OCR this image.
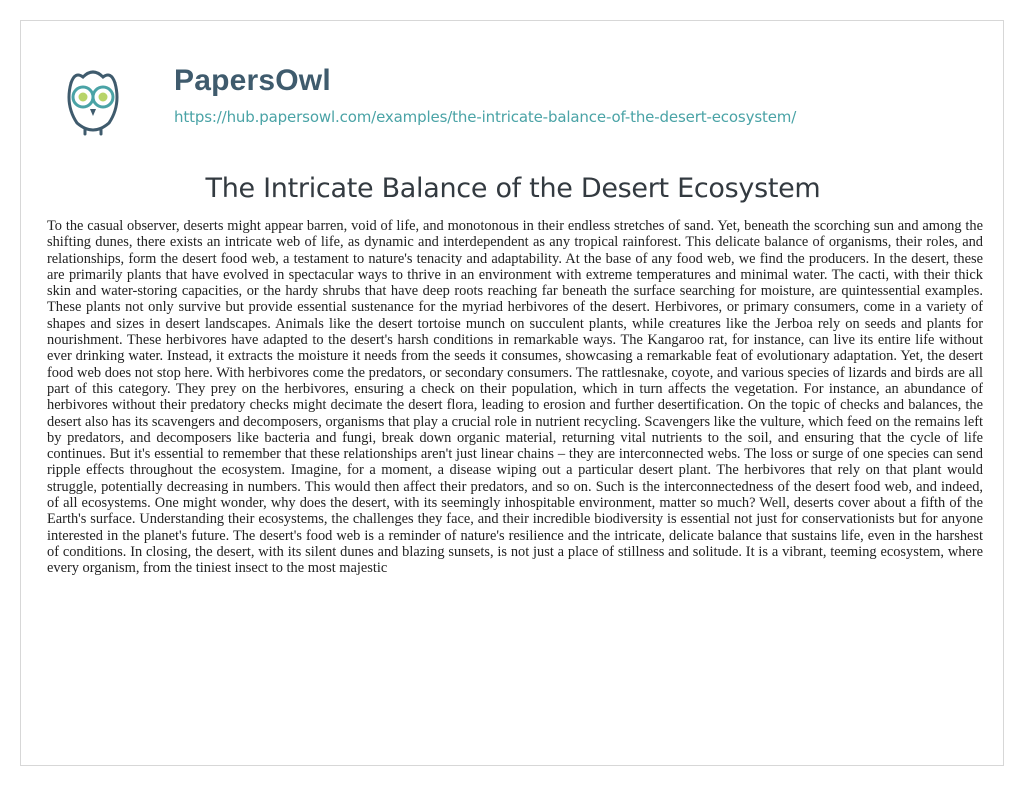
PapersOwl
https://hub.papersowl.com/examples/the-intricate-balance-of-the-desert-ecosystem/
The Intricate Balance of the Desert Ecosystem

To the casual observer, deserts might appear barren, void of life, and monotonous in their endless stretches of sand. Yet, beneath the scorching sun and among the shifting dunes, there exists an intricate web of life, as dynamic and interdependent as any tropical rainforest. This delicate balance of organisms, their roles, and relationships, form the desert food web, a testament to nature's tenacity and adaptability. At the base of any food web, we find the producers. In the desert, these are primarily plants that have evolved in spectacular ways to thrive in an environment with extreme temperatures and minimal water. The cacti, with their thick skin and water-storing capacities, or the hardy shrubs that have deep roots reaching far beneath the surface searching for moisture, are quintessential examples. These plants not only survive but provide essential sustenance for the myriad herbivores of the desert. Herbivores, or primary consumers, come in a variety of shapes and sizes in desert landscapes. Animals like the desert tortoise munch on succulent plants, while creatures like the Jerboa rely on seeds and plants for nourishment. These herbivores have adapted to the desert's harsh conditions in remarkable ways. The Kangaroo rat, for instance, can live its entire life without ever drinking water. Instead, it extracts the moisture it needs from the seeds it consumes, showcasing a remarkable feat of evolutionary adaptation. Yet, the desert food web does not stop here. With herbivores come the predators, or secondary consumers. The rattlesnake, coyote, and various species of lizards and birds are all part of this category. They prey on the herbivores, ensuring a check on their population, which in turn affects the vegetation. For instance, an abundance of herbivores without their predatory checks might decimate the desert flora, leading to erosion and further desertification. On the topic of checks and balances, the desert also has its scavengers and decomposers, organisms that play a crucial role in nutrient recycling. Scavengers like the vulture, which feed on the remains left by predators, and decomposers like bacteria and fungi, break down organic material, returning vital nutrients to the soil, and ensuring that the cycle of life continues. But it's essential to remember that these relationships aren't just linear chains – they are interconnected webs. The loss or surge of one species can send ripple effects throughout the ecosystem. Imagine, for a moment, a disease wiping out a particular desert plant. The herbivores that rely on that plant would struggle, potentially decreasing in numbers. This would then affect their predators, and so on. Such is the interconnectedness of the desert food web, and indeed, of all ecosystems. One might wonder, why does the desert, with its seemingly inhospitable environment, matter so much? Well, deserts cover about a fifth of the Earth's surface. Understanding their ecosystems, the challenges they face, and their incredible biodiversity is essential not just for conservationists but for anyone interested in the planet's future. The desert's food web is a reminder of nature's resilience and the intricate, delicate balance that sustains life, even in the harshest of conditions. In closing, the desert, with its silent dunes and blazing sunsets, is not just a place of stillness and solitude. It is a vibrant, teeming ecosystem, where every organism, from the tiniest insect to the most majestic
